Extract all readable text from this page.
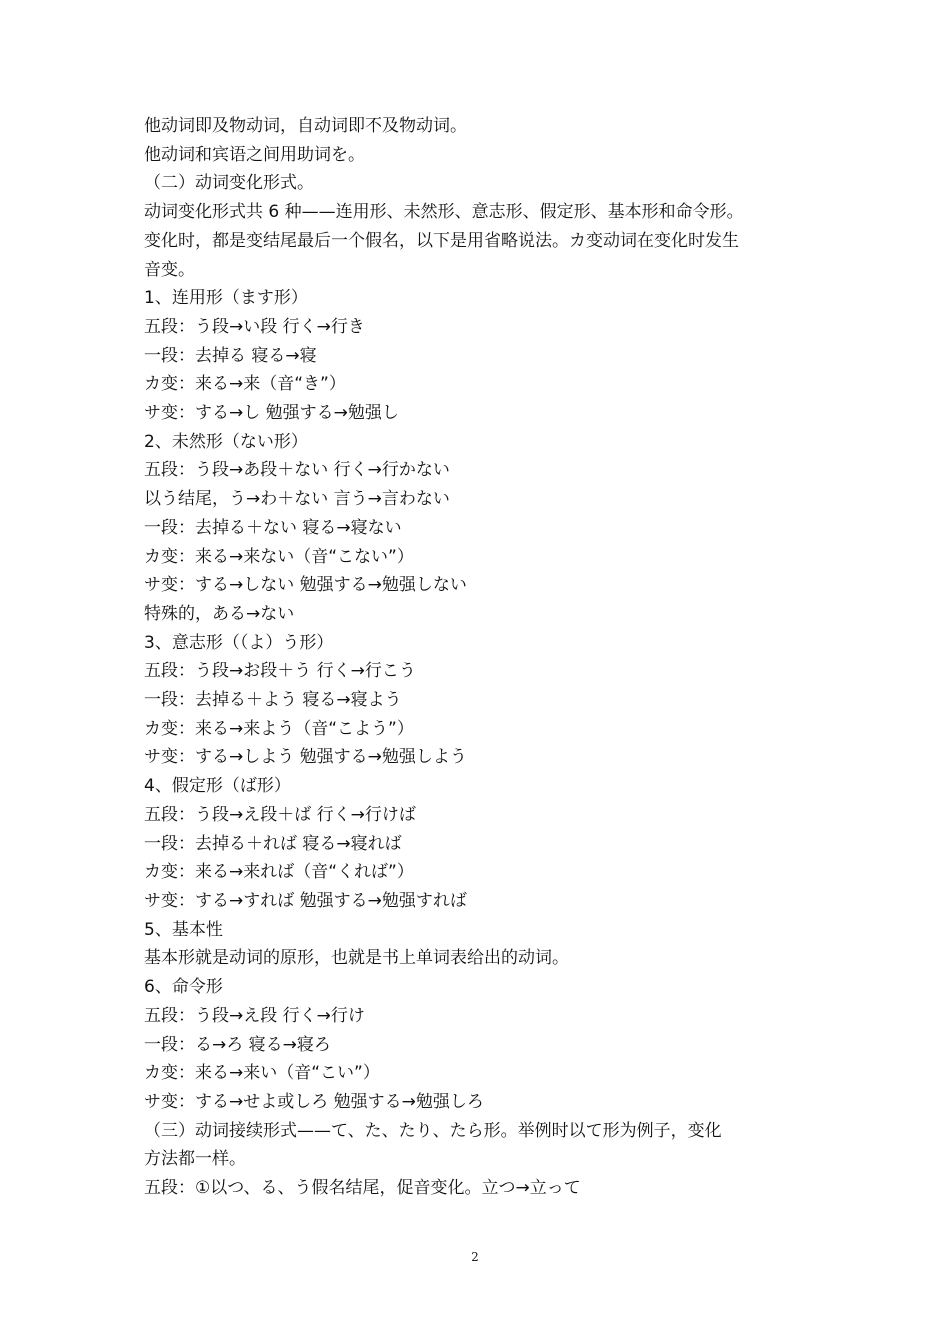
他动词即及物动词，自动词即不及物动词。
他动词和宾语之间用助词を。
（二）动词变化形式。
动词变化形式共 6 种——连用形、未然形、意志形、假定形、基本形和命令形。
变化时，都是变结尾最后一个假名，以下是用省略说法。カ变动词在变化时发生
音变。
1、连用形（ます形）
五段：う段→い段 行く→行き
一段：去掉る 寝る→寝
カ变：来る→来（音“き”）
サ变：する→し 勉强する→勉强し
2、未然形（ない形）
五段：う段→あ段＋ない 行く→行かない
以う结尾，う→わ＋ない 言う→言わない
一段：去掉る＋ない 寝る→寝ない
カ变：来る→来ない（音“こない”）
サ变：する→しない 勉强する→勉强しない
特殊的，ある→ない
3、意志形（（よ）う形）
五段：う段→お段＋う 行く→行こう
一段：去掉る＋よう 寝る→寝よう
カ变：来る→来よう（音“こよう”）
サ变：する→しよう 勉强する→勉强しよう
4、假定形（ば形）
五段：う段→え段＋ば 行く→行けば
一段：去掉る＋れば 寝る→寝れば
カ变：来る→来れば（音“くれば”）
サ变：する→すれば 勉强する→勉强すれば
5、基本性
基本形就是动词的原形，也就是书上单词表给出的动词。
6、命令形
五段：う段→え段 行く→行け
一段：る→ろ 寝る→寝ろ
カ变：来る→来い（音“こい”）
サ变：する→せよ或しろ 勉强する→勉强しろ
（三）动词接续形式——て、た、たり、たら形。举例时以て形为例子，变化
方法都一样。
五段：①以つ、る、う假名结尾，促音变化。立つ→立って
2
